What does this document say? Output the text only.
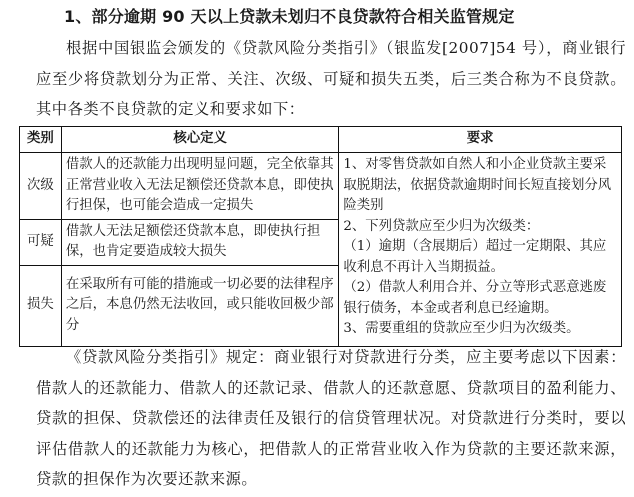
1、部分逾期 90 天以上贷款未划归不良贷款符合相关监管规定

根据中国银监会颁发的《贷款风险分类指引》（银监发[2007]54 号），商业银行应至少将贷款划分为正常、关注、次级、可疑和损失五类，后三类合称为不良贷款。其中各类不良贷款的定义和要求如下：

类别	核心定义	要求
次级	借款人的还款能力出现明显问题，完全依靠其正常营业收入无法足额偿还贷款本息，即使执行担保，也可能会造成一定损失	1、对零售贷款如自然人和小企业贷款主要采取脱期法，依据贷款逾期时间长短直接划分风险类别
2、下列贷款应至少归为次级类：
（1）逾期（含展期后）超过一定期限、其应收利息不再计入当期损益。
（2）借款人利用合并、分立等形式恶意逃废银行债务，本金或者利息已经逾期。
3、需要重组的贷款应至少归为次级类。

可疑	借款人无法足额偿还贷款本息，即使执行担保，也肯定要造成较大损失	
损失	在采取所有可能的措施或一切必要的法律程序之后，本息仍然无法收回，或只能收回极少部分	

《贷款风险分类指引》规定：商业银行对贷款进行分类，应主要考虑以下因素：借款人的还款能力、借款人的还款记录、借款人的还款意愿、贷款项目的盈利能力、贷款的担保、贷款偿还的法律责任及银行的信贷管理状况。对贷款进行分类时，要以评估借款人的还款能力为核心，把借款人的正常营业收入作为贷款的主要还款来源，贷款的担保作为次要还款来源。
